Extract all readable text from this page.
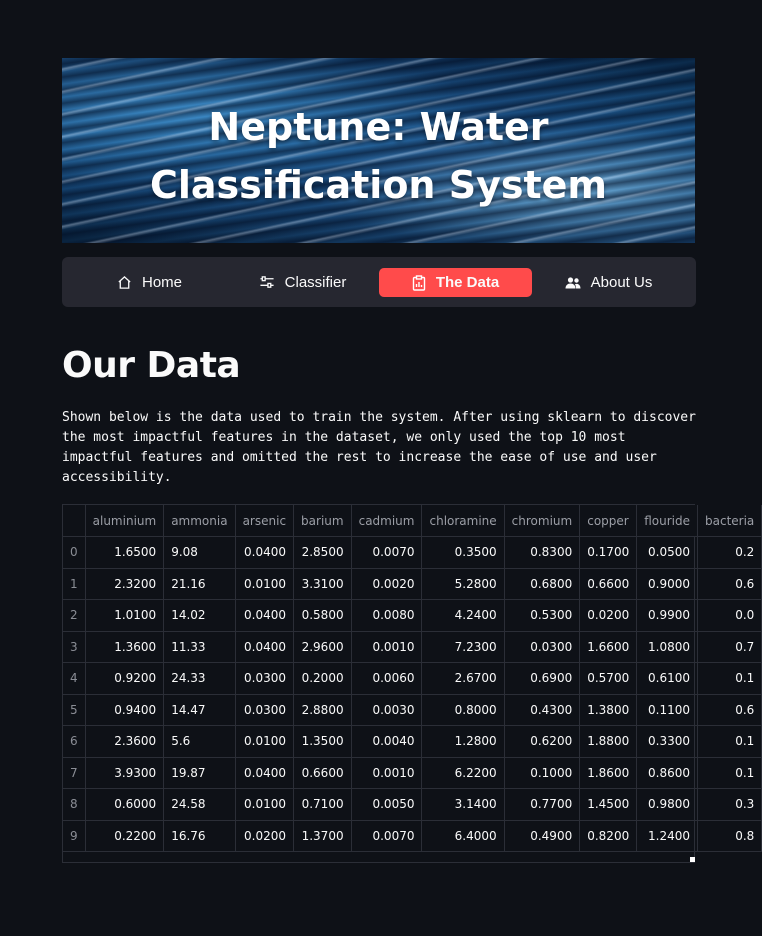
Neptune: Water Classification System
Home	Classifier	The Data	About Us
Our Data

Shown below is the data used to train the system. After using sklearn to discover the most impactful features in the dataset, we only used the top 10 most impactful features and omitted the rest to increase the ease of use and user accessibility.

	aluminium	ammonia	arsenic	barium	cadmium	chloramine	chromium	copper	flouride	bacteria
0	1.6500	9.08	0.0400	2.8500	0.0070	0.3500	0.8300	0.1700	0.0500	0.2
1	2.3200	21.16	0.0100	3.3100	0.0020	5.2800	0.6800	0.6600	0.9000	0.6
2	1.0100	14.02	0.0400	0.5800	0.0080	4.2400	0.5300	0.0200	0.9900	0.0
3	1.3600	11.33	0.0400	2.9600	0.0010	7.2300	0.0300	1.6600	1.0800	0.7
4	0.9200	24.33	0.0300	0.2000	0.0060	2.6700	0.6900	0.5700	0.6100	0.1
5	0.9400	14.47	0.0300	2.8800	0.0030	0.8000	0.4300	1.3800	0.1100	0.6
6	2.3600	5.6	0.0100	1.3500	0.0040	1.2800	0.6200	1.8800	0.3300	0.1
7	3.9300	19.87	0.0400	0.6600	0.0010	6.2200	0.1000	1.8600	0.8600	0.1
8	0.6000	24.58	0.0100	0.7100	0.0050	3.1400	0.7700	1.4500	0.9800	0.3
9	0.2200	16.76	0.0200	1.3700	0.0070	6.4000	0.4900	0.8200	1.2400	0.8
